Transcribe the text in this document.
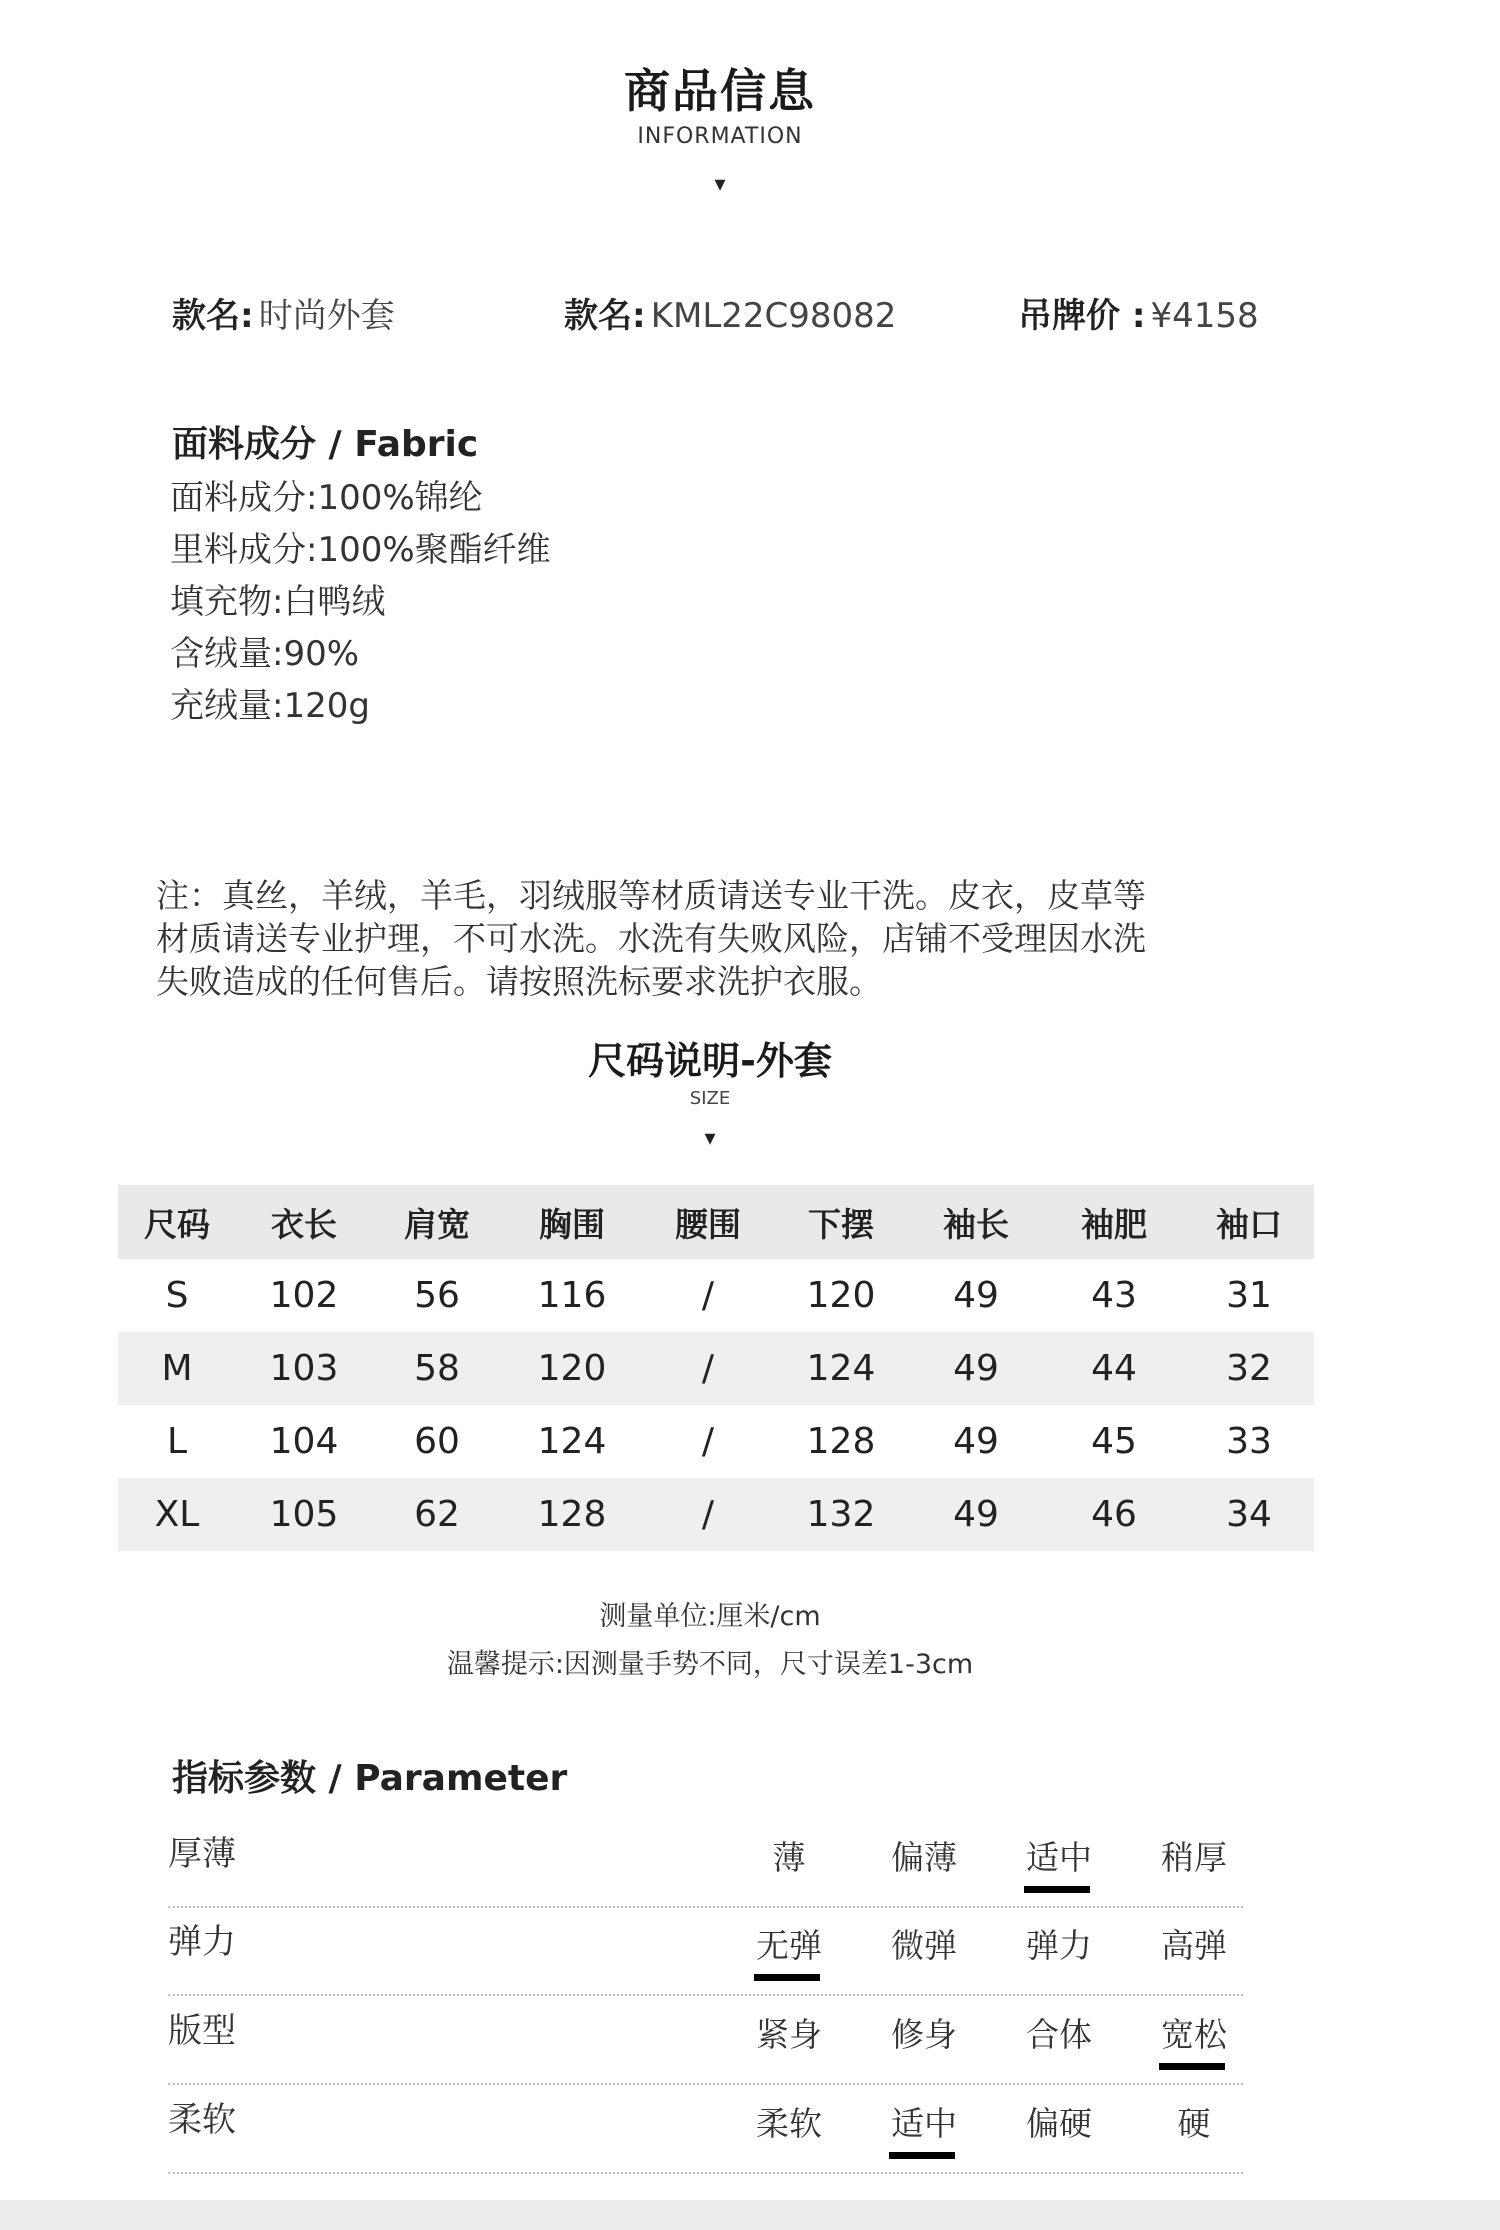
商品信息
INFORMATION
▾
款名: 时尚外套	款名: KML22C98082	吊牌价 : ¥4158
面料成分 / Fabric
面料成分:100%锦纶
里料成分:100%聚酯纤维
填充物:白鸭绒
含绒量:90%
充绒量:120g
注：真丝，羊绒，羊毛，羽绒服等材质请送专业干洗。皮衣，皮草等
材质请送专业护理，不可水洗。水洗有失败风险，店铺不受理因水洗
失败造成的任何售后。请按照洗标要求洗护衣服。
尺码说明-外套
SIZE
▾
尺码	衣长	肩宽	胸围	腰围	下摆	袖长	袖肥	袖口
S	102	56	116	/	120	49	43	31
M	103	58	120	/	124	49	44	32
L	104	60	124	/	128	49	45	33
XL	105	62	128	/	132	49	46	34
测量单位:厘米/cm
温馨提示:因测量手势不同，尺寸误差1-3cm
指标参数 / Parameter
厚薄	薄	偏薄	适中	稍厚
弹力	无弹	微弹	弹力	高弹
版型	紧身	修身	合体	宽松
柔软	柔软	适中	偏硬	硬
